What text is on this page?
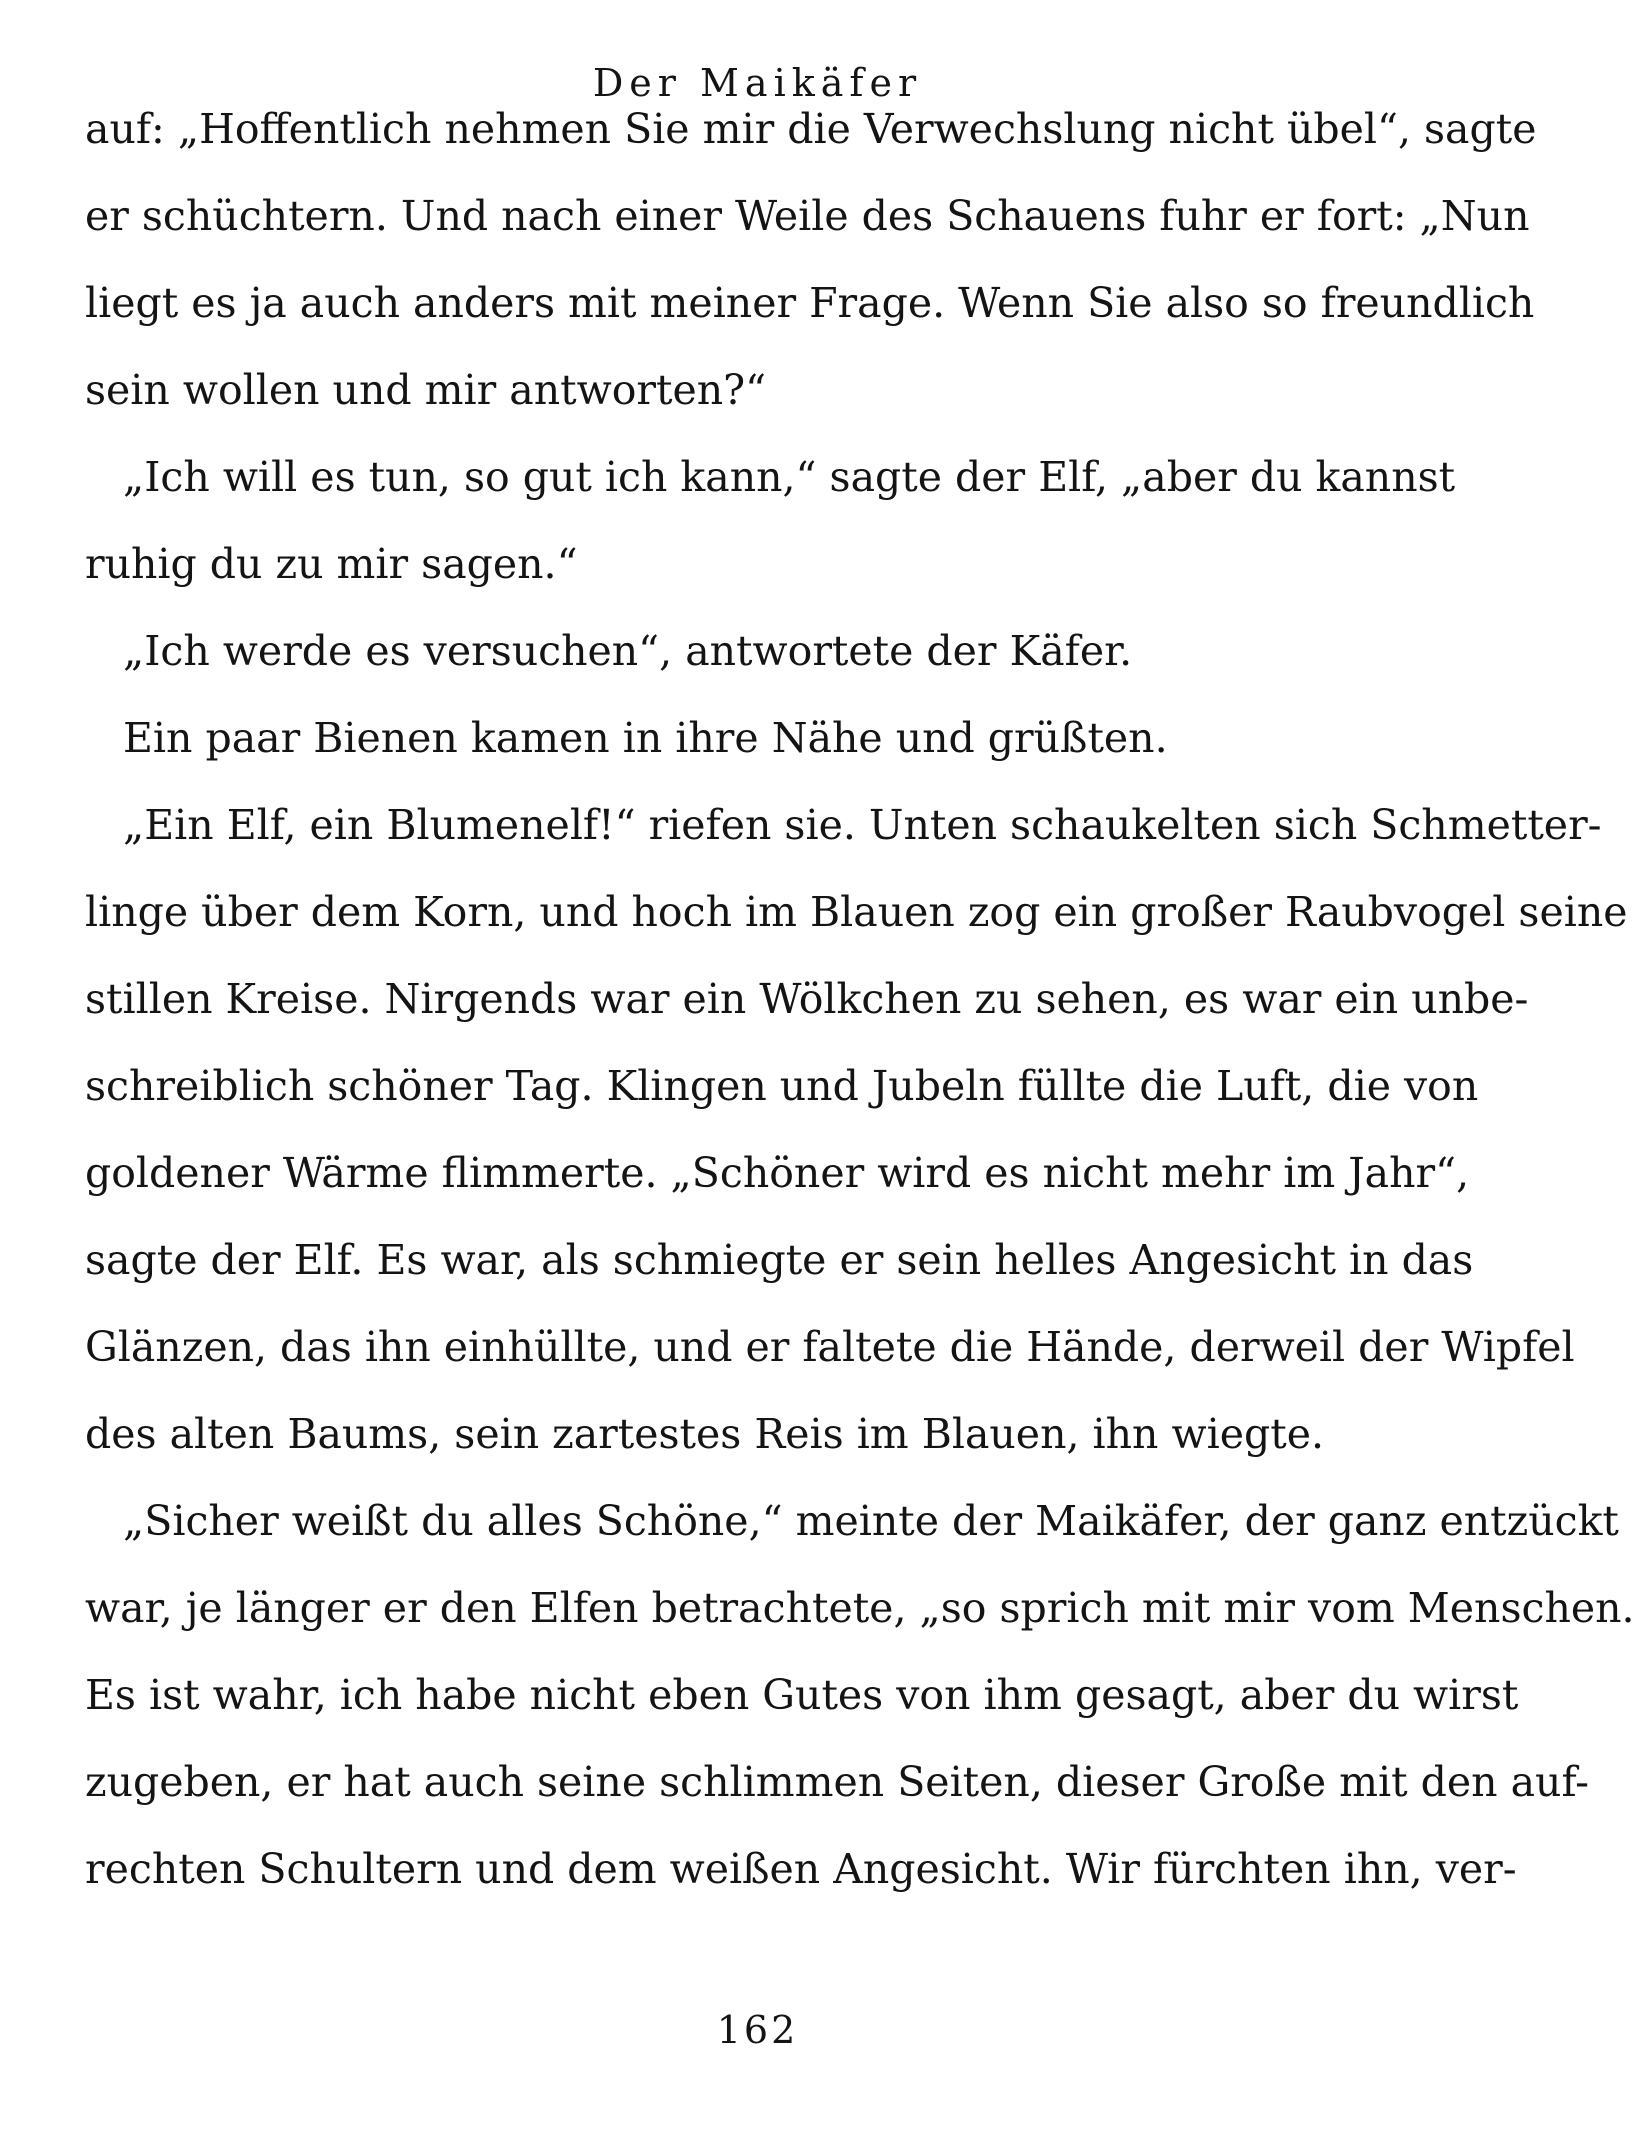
Der Maikäfer
auf: „Hoffentlich nehmen Sie mir die Verwechslung nicht übel“, sagte
er schüchtern. Und nach einer Weile des Schauens fuhr er fort: „Nun
liegt es ja auch anders mit meiner Frage. Wenn Sie also so freundlich
sein wollen und mir antworten?“
„Ich will es tun, so gut ich kann,“ sagte der Elf, „aber du kannst
ruhig du zu mir sagen.“
„Ich werde es versuchen“, antwortete der Käfer.
Ein paar Bienen kamen in ihre Nähe und grüßten.
„Ein Elf, ein Blumenelf!“ riefen sie. Unten schaukelten sich Schmetter-
linge über dem Korn, und hoch im Blauen zog ein großer Raubvogel seine
stillen Kreise. Nirgends war ein Wölkchen zu sehen, es war ein unbe-
schreiblich schöner Tag. Klingen und Jubeln füllte die Luft, die von
goldener Wärme flimmerte. „Schöner wird es nicht mehr im Jahr“,
sagte der Elf. Es war, als schmiegte er sein helles Angesicht in das
Glänzen, das ihn einhüllte, und er faltete die Hände, derweil der Wipfel
des alten Baums, sein zartestes Reis im Blauen, ihn wiegte.
„Sicher weißt du alles Schöne,“ meinte der Maikäfer, der ganz entzückt
war, je länger er den Elfen betrachtete, „so sprich mit mir vom Menschen.
Es ist wahr, ich habe nicht eben Gutes von ihm gesagt, aber du wirst
zugeben, er hat auch seine schlimmen Seiten, dieser Große mit den auf-
rechten Schultern und dem weißen Angesicht. Wir fürchten ihn, ver-
162
